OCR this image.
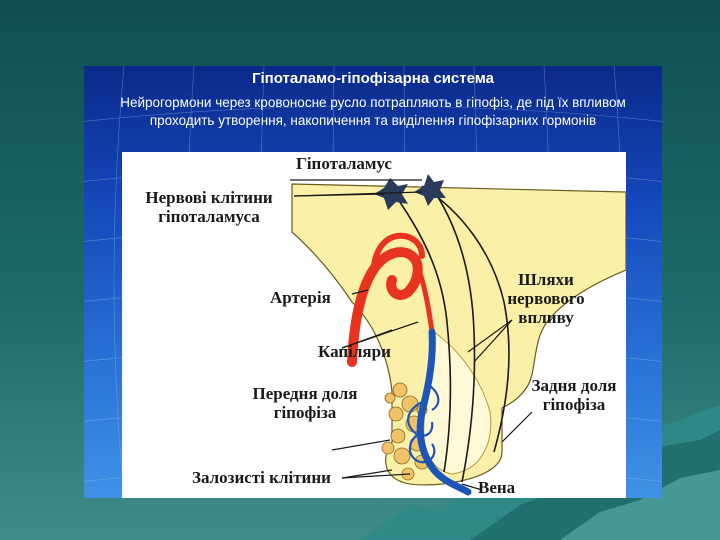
Гіпоталамо-гіпофізарна система
Нейрогормони через кровоносне русло потрапляють в гіпофіз, де під їх впливом проходить утворення, накопичення та виділення гіпофізарних гормонів
Гіпоталамус
Нервові клітини
гіпоталамуса
Артерія
Капіляри
Передня доля
гіпофіза
Залозисті клітини
Шляхи
нервового
впливу
Задня доля
гіпофіза
Вена
